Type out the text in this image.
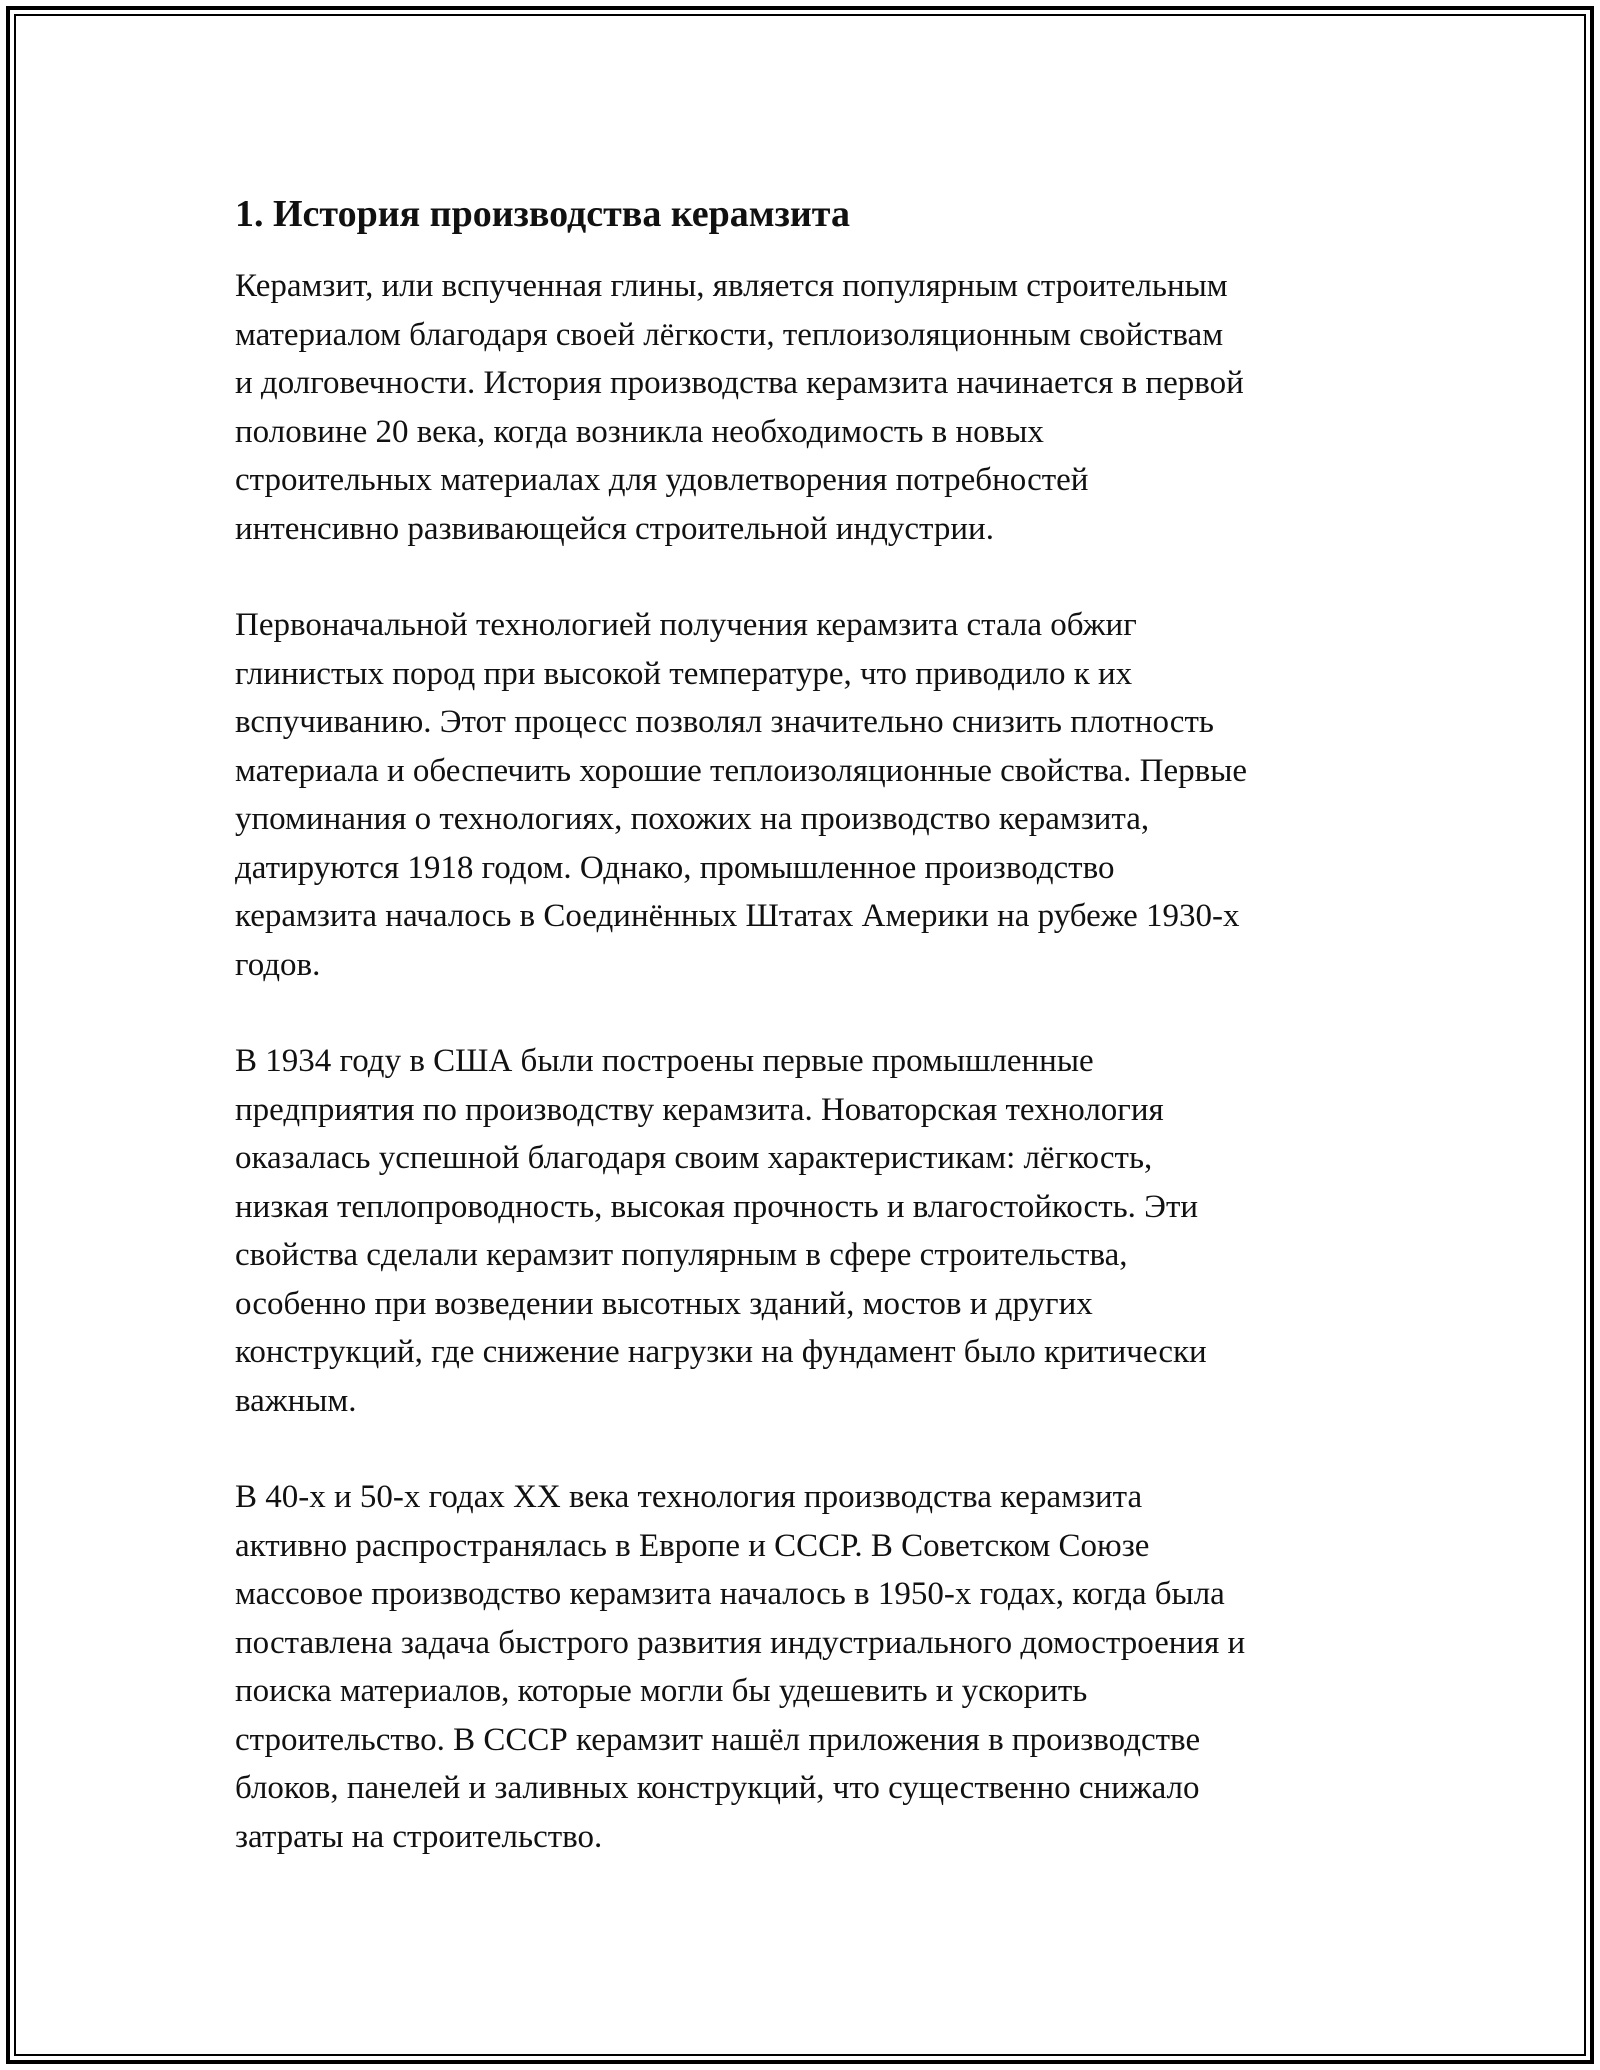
1. История производства керамзита

Керамзит, или вспученная глины, является популярным строительным
материалом благодаря своей лёгкости, теплоизоляционным свойствам
и долговечности. История производства керамзита начинается в первой
половине 20 века, когда возникла необходимость в новых
строительных материалах для удовлетворения потребностей
интенсивно развивающейся строительной индустрии.

Первоначальной технологией получения керамзита стала обжиг
глинистых пород при высокой температуре, что приводило к их
вспучиванию. Этот процесс позволял значительно снизить плотность
материала и обеспечить хорошие теплоизоляционные свойства. Первые
упоминания о технологиях, похожих на производство керамзита,
датируются 1918 годом. Однако, промышленное производство
керамзита началось в Соединённых Штатах Америки на рубеже 1930-х
годов.

В 1934 году в США были построены первые промышленные
предприятия по производству керамзита. Новаторская технология
оказалась успешной благодаря своим характеристикам: лёгкость,
низкая теплопроводность, высокая прочность и влагостойкость. Эти
свойства сделали керамзит популярным в сфере строительства,
особенно при возведении высотных зданий, мостов и других
конструкций, где снижение нагрузки на фундамент было критически
важным.

В 40-х и 50-х годах XX века технология производства керамзита
активно распространялась в Европе и СССР. В Советском Союзе
массовое производство керамзита началось в 1950-х годах, когда была
поставлена задача быстрого развития индустриального домостроения и
поиска материалов, которые могли бы удешевить и ускорить
строительство. В СССР керамзит нашёл приложения в производстве
блоков, панелей и заливных конструкций, что существенно снижало
затраты на строительство.
